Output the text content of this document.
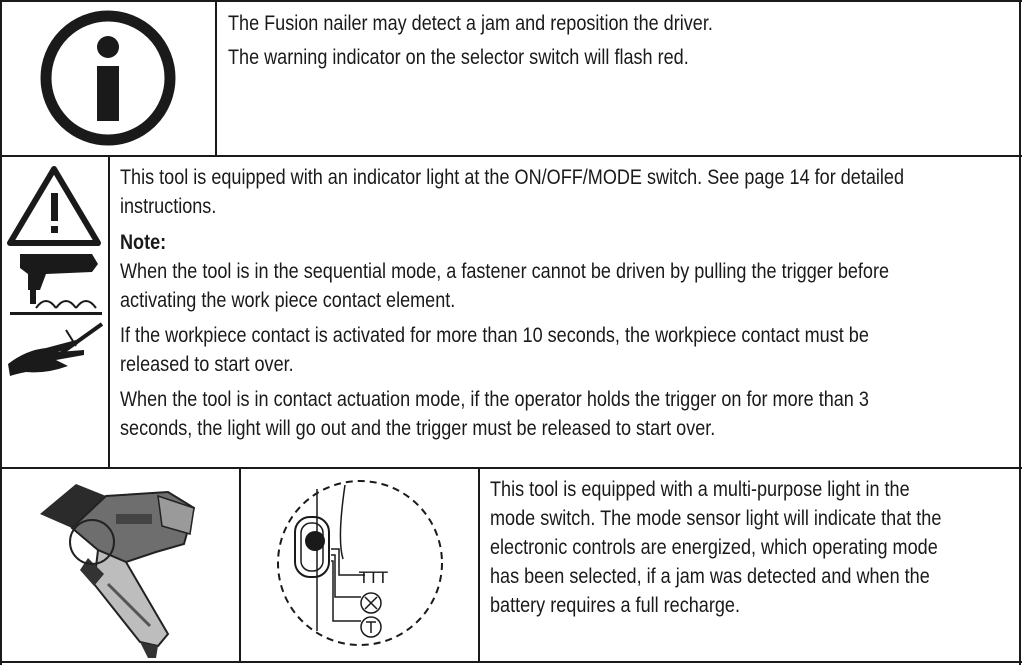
The Fusion nailer may detect a jam and reposition the driver.

The warning indicator on the selector switch will flash red.

This tool is equipped with an indicator light at the ON/OFF/MODE switch. See page 14 for detailed

instructions.

Note:

When the tool is in the sequential mode, a fastener cannot be driven by pulling the trigger before

activating the work piece contact element.

If the workpiece contact is activated for more than 10 seconds, the workpiece contact must be

released to start over.

When the tool is in contact actuation mode, if the operator holds the trigger on for more than 3

seconds, the light will go out and the trigger must be released to start over.

TTT

This tool is equipped with a multi-purpose light in the

mode switch. The mode sensor light will indicate that the

electronic controls are energized, which operating mode

has been selected, if a jam was detected and when the

battery requires a full recharge.
